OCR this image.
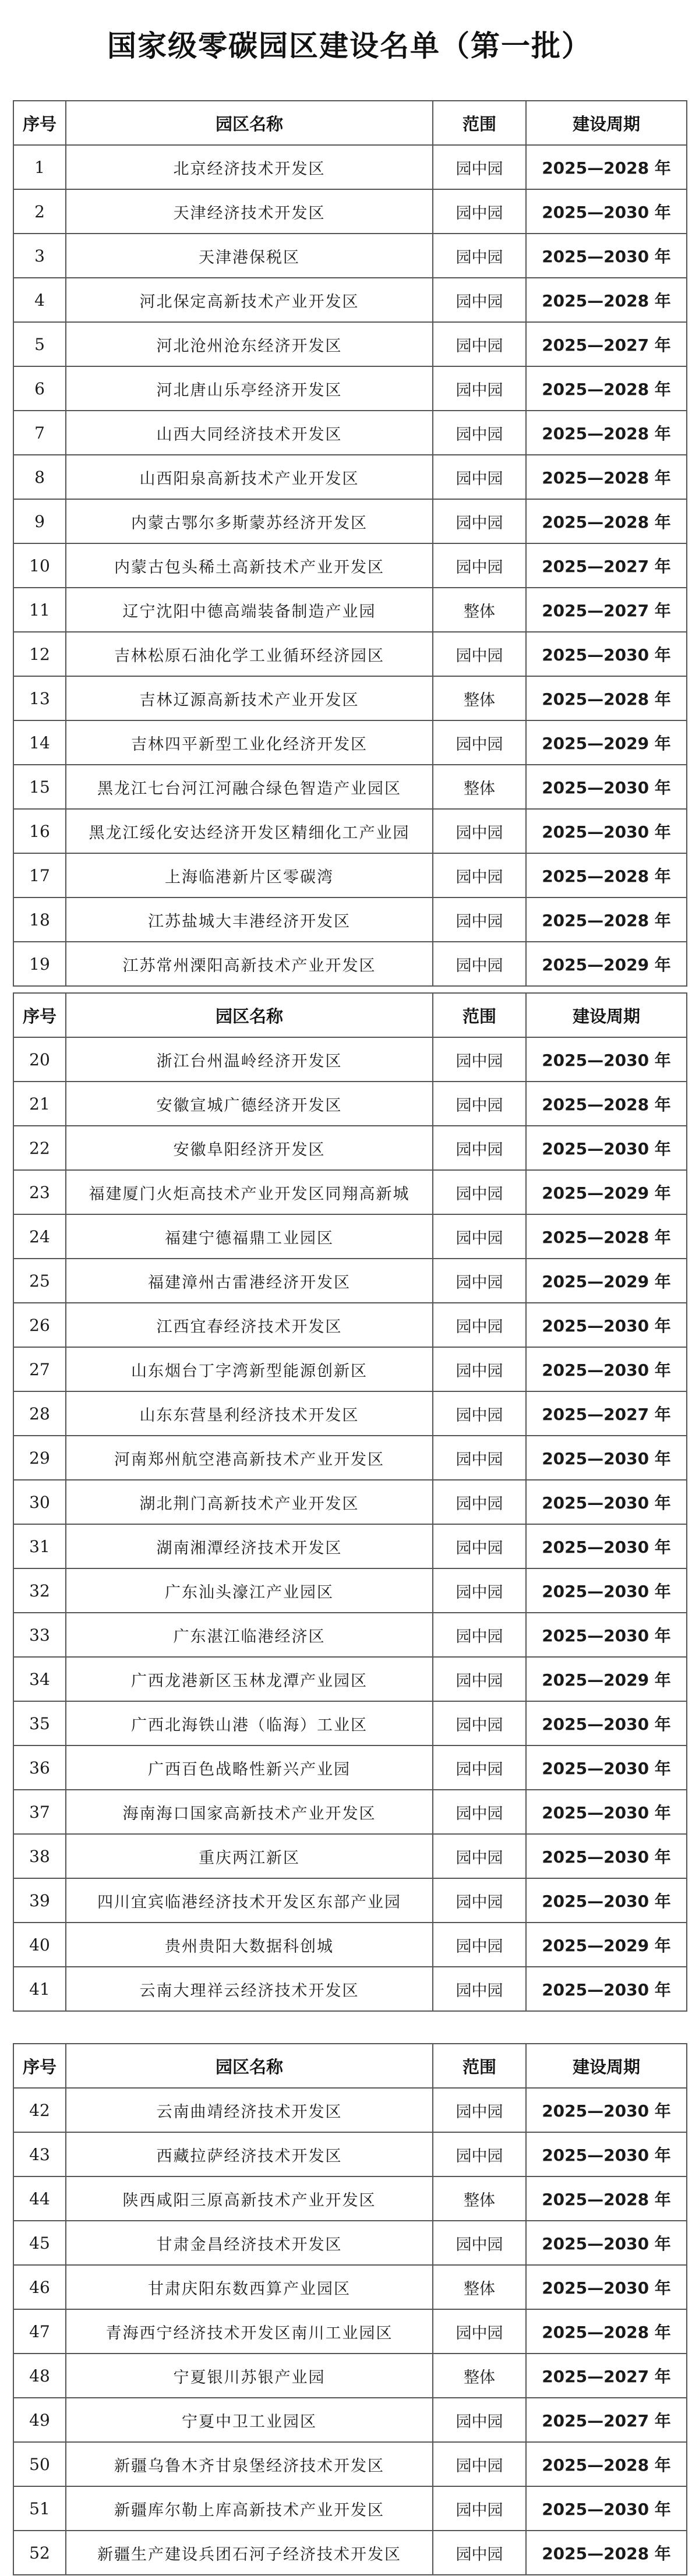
国家级零碳园区建设名单（第一批）
序号	园区名称	范围	建设周期
1	北京经济技术开发区	园中园	2025—2028 年
2	天津经济技术开发区	园中园	2025—2030 年
3	天津港保税区	园中园	2025—2030 年
4	河北保定高新技术产业开发区	园中园	2025—2028 年
5	河北沧州沧东经济开发区	园中园	2025—2027 年
6	河北唐山乐亭经济开发区	园中园	2025—2028 年
7	山西大同经济技术开发区	园中园	2025—2028 年
8	山西阳泉高新技术产业开发区	园中园	2025—2028 年
9	内蒙古鄂尔多斯蒙苏经济开发区	园中园	2025—2028 年
10	内蒙古包头稀土高新技术产业开发区	园中园	2025—2027 年
11	辽宁沈阳中德高端装备制造产业园	整体	2025—2027 年
12	吉林松原石油化学工业循环经济园区	园中园	2025—2030 年
13	吉林辽源高新技术产业开发区	整体	2025—2028 年
14	吉林四平新型工业化经济开发区	园中园	2025—2029 年
15	黑龙江七台河江河融合绿色智造产业园区	整体	2025—2030 年
16	黑龙江绥化安达经济开发区精细化工产业园	园中园	2025—2030 年
17	上海临港新片区零碳湾	园中园	2025—2028 年
18	江苏盐城大丰港经济开发区	园中园	2025—2028 年
19	江苏常州溧阳高新技术产业开发区	园中园	2025—2029 年
序号	园区名称	范围	建设周期
20	浙江台州温岭经济开发区	园中园	2025—2030 年
21	安徽宣城广德经济开发区	园中园	2025—2028 年
22	安徽阜阳经济开发区	园中园	2025—2030 年
23	福建厦门火炬高技术产业开发区同翔高新城	园中园	2025—2029 年
24	福建宁德福鼎工业园区	园中园	2025—2028 年
25	福建漳州古雷港经济开发区	园中园	2025—2029 年
26	江西宜春经济技术开发区	园中园	2025—2030 年
27	山东烟台丁字湾新型能源创新区	园中园	2025—2030 年
28	山东东营垦利经济技术开发区	园中园	2025—2027 年
29	河南郑州航空港高新技术产业开发区	园中园	2025—2030 年
30	湖北荆门高新技术产业开发区	园中园	2025—2030 年
31	湖南湘潭经济技术开发区	园中园	2025—2030 年
32	广东汕头濠江产业园区	园中园	2025—2030 年
33	广东湛江临港经济区	园中园	2025—2030 年
34	广西龙港新区玉林龙潭产业园区	园中园	2025—2029 年
35	广西北海铁山港（临海）工业区	园中园	2025—2030 年
36	广西百色战略性新兴产业园	园中园	2025—2030 年
37	海南海口国家高新技术产业开发区	园中园	2025—2030 年
38	重庆两江新区	园中园	2025—2030 年
39	四川宜宾临港经济技术开发区东部产业园	园中园	2025—2030 年
40	贵州贵阳大数据科创城	园中园	2025—2029 年
41	云南大理祥云经济技术开发区	园中园	2025—2030 年
序号	园区名称	范围	建设周期
42	云南曲靖经济技术开发区	园中园	2025—2030 年
43	西藏拉萨经济技术开发区	园中园	2025—2030 年
44	陕西咸阳三原高新技术产业开发区	整体	2025—2028 年
45	甘肃金昌经济技术开发区	园中园	2025—2030 年
46	甘肃庆阳东数西算产业园区	整体	2025—2030 年
47	青海西宁经济技术开发区南川工业园区	园中园	2025—2028 年
48	宁夏银川苏银产业园	整体	2025—2027 年
49	宁夏中卫工业园区	园中园	2025—2027 年
50	新疆乌鲁木齐甘泉堡经济技术开发区	园中园	2025—2028 年
51	新疆库尔勒上库高新技术产业开发区	园中园	2025—2030 年
52	新疆生产建设兵团石河子经济技术开发区	园中园	2025—2028 年
